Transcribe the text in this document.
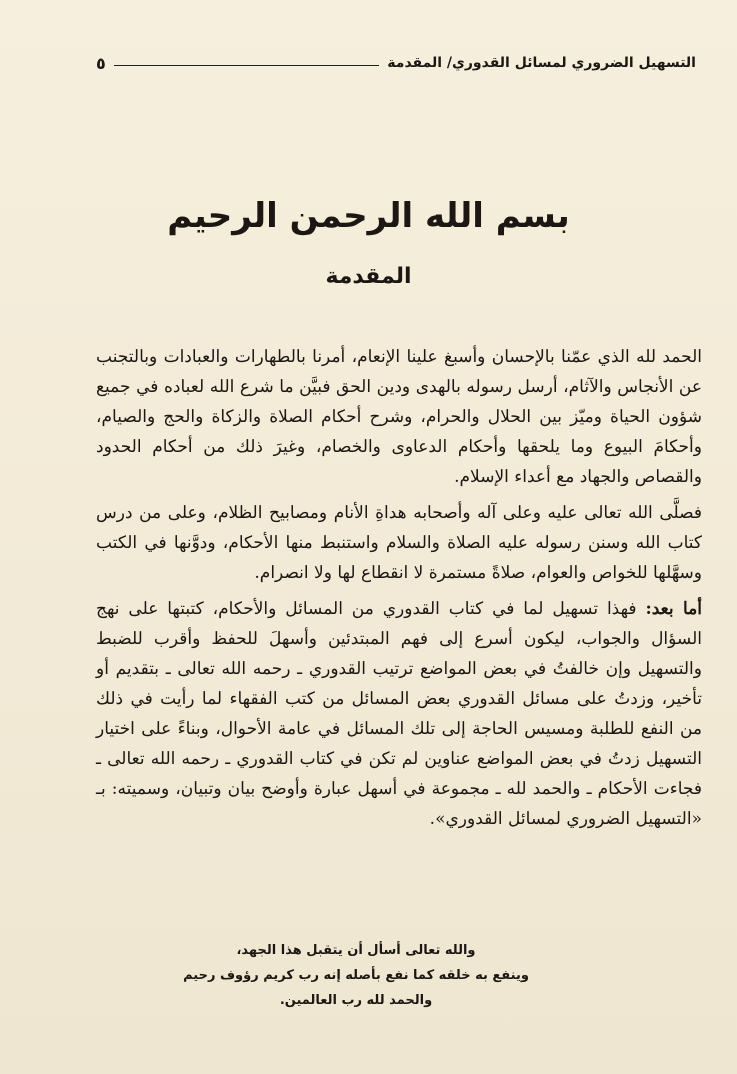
التسهيل الضروري لمسائل القدوري/ المقدمة
٥
بسم الله الرحمن الرحيم
المقدمة

الحمد لله الذي عمّنا بالإحسان وأسبغ علينا الإنعام، أمرنا بالطهارات والعبادات وبالتجنب عن الأنجاس والآثام، أرسل رسوله بالهدى ودين الحق فبيَّن ما شرع الله لعباده في جميع شؤون الحياة وميّز بين الحلال والحرام، وشرح أحكام الصلاة والزكاة والحج والصيام، وأحكامَ البيوع وما يلحقها وأحكام الدعاوى والخصام، وغيرَ ذلك من أحكام الحدود والقصاص والجهاد مع أعداء الإسلام.

فصلَّى الله تعالى عليه وعلى آله وأصحابه هداةِ الأنام ومصابيح الظلام، وعلى من درس كتاب الله وسنن رسوله عليه الصلاة والسلام واستنبط منها الأحكام، ودوَّنها في الكتب وسهَّلها للخواص والعوام، صلاةً مستمرة لا انقطاع لها ولا انصرام.

أما بعد: فهذا تسهيل لما في كتاب القدوري من المسائل والأحكام، كتبتها على نهج السؤال والجواب، ليكون أسرع إلى فهم المبتدئين وأسهلَ للحفظ وأقرب للضبط والتسهيل وإن خالفتُ في بعض المواضع ترتيب القدوري ـ رحمه الله تعالى ـ بتقديم أو تأخير، وزدتُ على مسائل القدوري بعض المسائل من كتب الفقهاء لما رأيت في ذلك من النفع للطلبة ومسيس الحاجة إلى تلك المسائل في عامة الأحوال، وبناءً على اختيار التسهيل زدتُ في بعض المواضع عناوين لم تكن في كتاب القدوري ـ رحمه الله تعالى ـ فجاءت الأحكام ـ والحمد لله ـ مجموعة في أسهل عبارة وأوضح بيان وتبيان، وسميته: بـ «التسهيل الضروري لمسائل القدوري».

والله تعالى أسأل أن يتقبل هذا الجهد،
وينفع به خلقه كما نفع بأصله إنه رب كريم رؤوف رحيم
والحمد لله رب العالمين.
